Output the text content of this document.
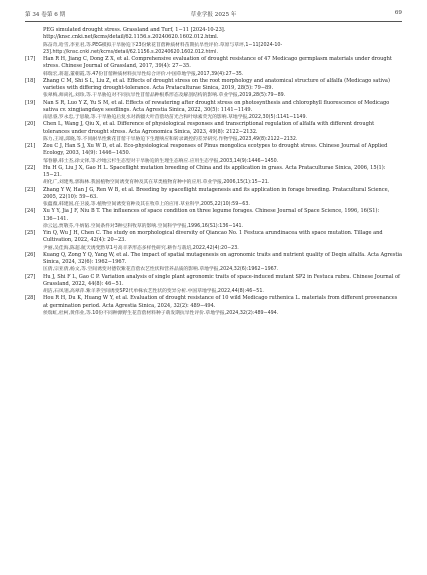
第 34 卷第 6 期	草业学报 2025 年	69
PEG simulated drought stress. Grassland and Turf, 1−11 [2024-10-23]. http://knsc.cnki.net/kcms/detail/62.1156.s.20240620.1602.012.html.
陈奋奇,哈雪,李亚君,等.PEG模拟干旱胁迫下23份紫花苜蓿种质材料苗期抗旱性评价.草原与草坪,1−11[2024-10-23].http://knsc.cnki.net/kcms/detail/62.1156.s.20240620.1602.012.html.
[17]	Han R H, Jiang C, Dong Z X, et al. Comprehensive evaluation of drought resistance of 47 Medicago germplasm materials under drought stress. Chinese Journal of Grassland, 2017, 39(4): 27−35.
韩瑞宏,蒋超,董朝霞,等.47份苜蓿种质材料抗旱性综合评价.中国草地学报,2017,39(4):27−35.
[18]	Zhang C M, Shi S L, Liu Z, et al. Effects of drought stress on the root morphology and anatomical structure of alfalfa (Medicago sativa) varieties with differing drought-tolerance. Acta Prataculturae Sinica, 2019, 28(5): 79−89.
张翠梅,师尚礼,刘珍,等.干旱胁迫对不同抗旱性苜蓿品种根系形态及解剖结构的影响.草业学报,2019,28(5):79−89.
[19]	Nan S R, Luo Y Z, Yu S M, et al. Effects of rewatering after drought stress on photosynthesis and chlorophyll fluorescence of Medicago sativa cv. xingjiangdaye seedlings. Acta Agrestia Sinica, 2022, 30(5): 1141−1149.
南思睿,罗永忠,于思敏,等.干旱胁迫后复水对新疆大叶苜蓿幼苗光合和叶绿素荧光的影响.草地学报,2022,30(5):1141−1149.
[20]	Chen L, Wang J, Qiu X, et al. Difference of physiological responses and transcriptional regulation of alfalfa with different drought tolerances under drought stress. Acta Agronomica Sinica, 2023, 49(8): 2122−2132.
陈力,王靖,邱晓,等.不同耐旱性紫花苜蓿干旱胁迫下生理响应和转录调控的差异研究.作物学报,2023,49(8):2122−2132.
[21]	Zou C J, Han S J, Xu W D, et al. Eco-physiological responses of Pinus mongolica ecotypes to drought stress. Chinese Journal of Applied Ecology, 2003, 14(9): 1446−1450.
邹春静,韩士杰,徐文铎,等.沙地云杉生态型对干旱胁迫的生理生态响应.应用生态学报,2003,14(9):1446−1450.
[22]	Hu H G, Liu J X, Gao H L. Spaceflight mutation breeding of China and its application in grass. Acta Prataculturae Sinica, 2006, 15(1): 15−21.
胡化广,刘建秀,郭海林.我国植物空间诱变育种及其在草类植物育种中的应用.草业学报,2006,15(1):15−21.
[23]	Zhang Y W, Han J G, Ren W B, et al. Breeding by spaceflight mutagenesis and its application in forage breeding. Pratacultural Science, 2005, 22(10): 59−63.
张蕴薇,韩建国,任卫波,等.植物空间诱变育种及其在牧草上的应用.草业科学,2005,22(10):59−63.
[24]	Xu Y Y, Jia J F, Niu B T. The influences of space condition on three legume forages. Chinese Journal of Space Science, 1996, 16(S1): 136−141.
徐云远,贾敬芬,牛炳韬.空间条件对3种豆科牧草的影响.空间科学学报,1996,16(S1):136−141.
[25]	Yin Q, Wu J H, Chen C. The study on morphological diversity of Qiancao No. 1 Festuca arundinacea with space mutation. Tillage and Cultivation, 2022, 42(4): 20−23.
尹丽,吴佳海,陈超.航天诱变黔草1号高羊茅形态多样性研究.耕作与栽培,2022,42(4):20−23.
[26]	Kuang Q, Zong Y Q, Yang W, et al. The impact of spatial mutagenesis on agronomic traits and nutrient quality of Deqin alfalfa. Acta Agrestia Sinica, 2024, 32(6): 1962−1967.
匡倩,宗亚倩,杨文,等.空间诱变对德钦紫花苜蓿农艺性状和营养品质的影响.草地学报,2024,32(6):1962−1967.
[27]	Hu J, Shi F L, Gao C P. Variation analysis of single plant agronomic traits of space-induced mutant SP2 in Festuca rubra. Chinese Journal of Grassland, 2022, 44(8): 46−51.
胡洁,石凤翎,高翠萍.紫羊茅空间诱变SP2代单株农艺性状的变异分析.中国草地学报,2022,44(8):46−51.
[28]	Hou R H, Du K, Huang W Y, et al. Evaluation of drought resistance of 10 wild Medicago ruthenica L. materials from different provenances at germination period. Acta Agrestia Sinica, 2024, 32(2): 489−494.
侯瑞虹,杜柯,黄伟业,等.10份不同种源野生花苜蓿材料种子萌发期抗旱性评价.草地学报,2024,32(2):489−494.
